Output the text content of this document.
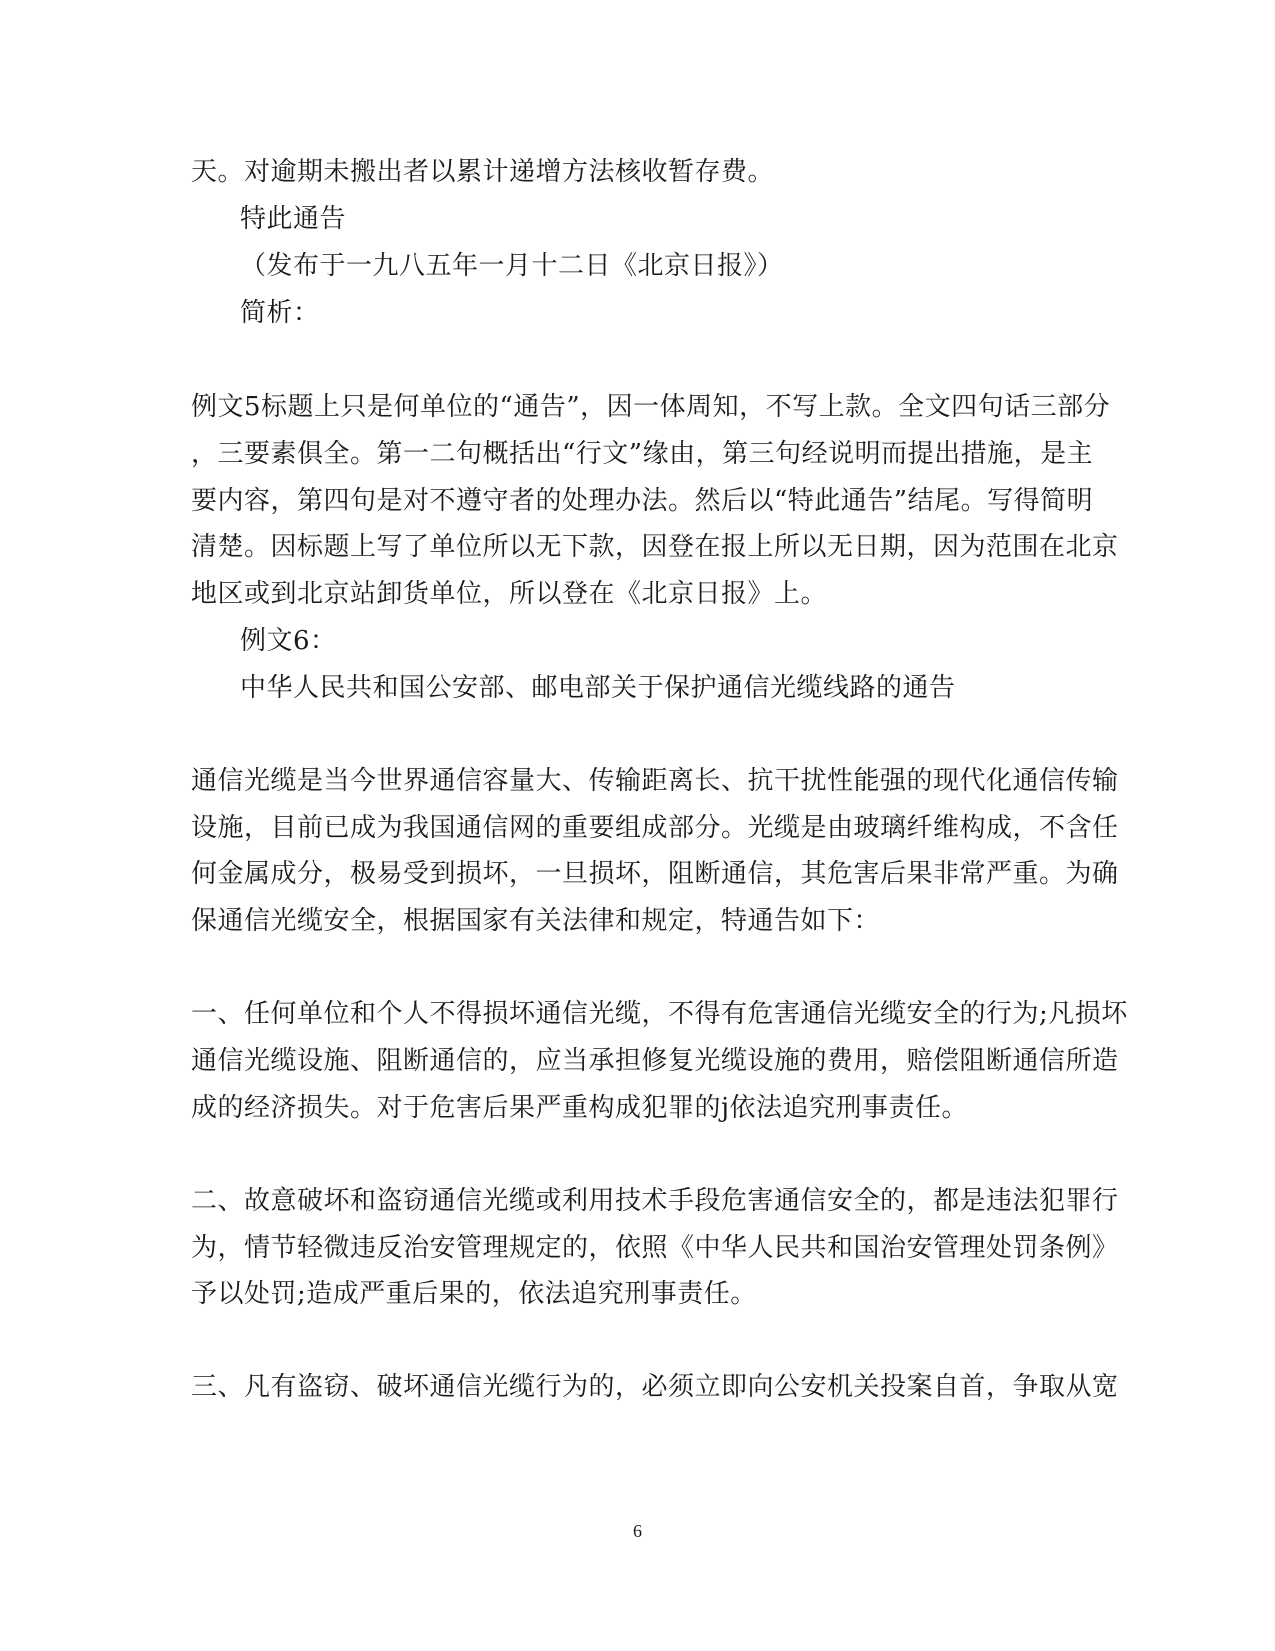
天。对逾期未搬出者以累计递增方法核收暂存费。
特此通告
（发布于一九八五年一月十二日《北京日报》）
简析：
例文5标题上只是何单位的“通告”，因一体周知，不写上款。全文四句话三部分
，三要素俱全。第一二句概括出“行文”缘由，第三句经说明而提出措施，是主
要内容，第四句是对不遵守者的处理办法。然后以“特此通告”结尾。写得简明
清楚。因标题上写了单位所以无下款，因登在报上所以无日期，因为范围在北京
地区或到北京站卸货单位，所以登在《北京日报》上。
例文6：
中华人民共和国公安部、邮电部关于保护通信光缆线路的通告
通信光缆是当今世界通信容量大、传输距离长、抗干扰性能强的现代化通信传输
设施，目前已成为我国通信网的重要组成部分。光缆是由玻璃纤维构成，不含任
何金属成分，极易受到损坏，一旦损坏，阻断通信，其危害后果非常严重。为确
保通信光缆安全，根据国家有关法律和规定，特通告如下：
一、任何单位和个人不得损坏通信光缆，不得有危害通信光缆安全的行为;凡损坏
通信光缆设施、阻断通信的，应当承担修复光缆设施的费用，赔偿阻断通信所造
成的经济损失。对于危害后果严重构成犯罪的j依法追究刑事责任。
二、故意破坏和盗窃通信光缆或利用技术手段危害通信安全的，都是违法犯罪行
为，情节轻微违反治安管理规定的，依照《中华人民共和国治安管理处罚条例》
予以处罚;造成严重后果的，依法追究刑事责任。
三、凡有盗窃、破坏通信光缆行为的，必须立即向公安机关投案自首，争取从宽
6
